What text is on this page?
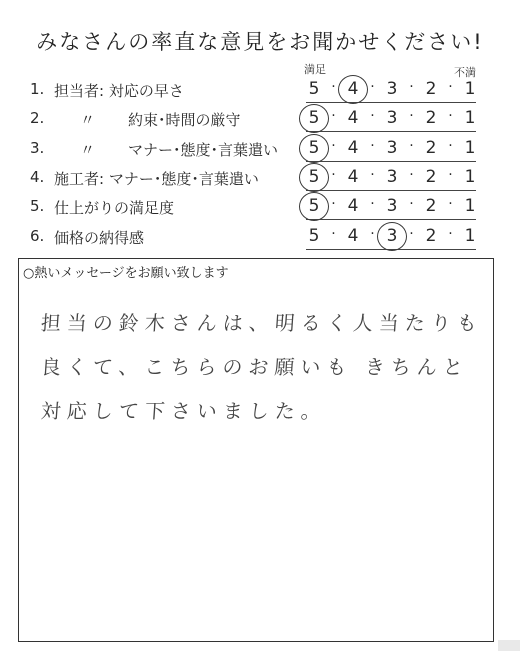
みなさんの率直な意見をお聞かせください!
満足	不満
1. 担当者: 対応の早さ	5 · 4 · 3 · 2 · 1
2.	〃 約束･時間の厳守	5 · 4 · 3 · 2 · 1
3.	〃 マナー･態度･言葉遣い 5 · 4 · 3 · 2 · 1
4. 施工者: マナー･態度･言葉遣い	5 · 4 · 3 · 2 · 1
5. 仕上がりの満足度	5 · 4 · 3 · 2 · 1
6. 価格の納得感	5 · 4 · 3 · 2 · 1
○熱いメッセージをお願い致します
担当の鈴木さんは、明るく人当たりも
良くて、こちらのお願いも きちんと
対応して下さいました。
